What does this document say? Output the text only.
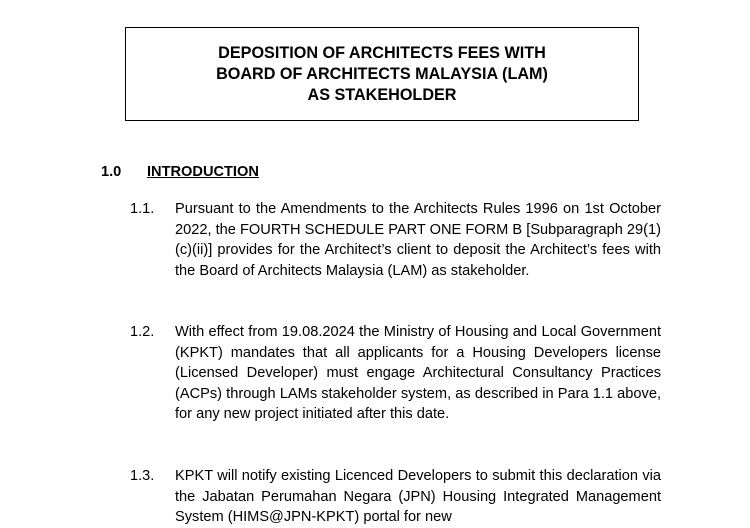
DEPOSITION OF ARCHITECTS FEES WITH
BOARD OF ARCHITECTS MALAYSIA (LAM)
AS STAKEHOLDER
1.0 INTRODUCTION
1.1. Pursuant to the Amendments to the Architects Rules 1996 on 1st October 2022, the FOURTH SCHEDULE PART ONE FORM B [Subparagraph 29(1)(c)(ii)] provides for the Architect’s client to deposit the Architect’s fees with the Board of Architects Malaysia (LAM) as stakeholder.

1.2. With effect from 19.08.2024 the Ministry of Housing and Local Government (KPKT) mandates that all applicants for a Housing Developers license (Licensed Developer) must engage Architectural Consultancy Practices (ACPs) through LAMs stakeholder system, as described in Para 1.1 above, for any new project initiated after this date.

1.3. KPKT will notify existing Licenced Developers to submit this declaration via the Jabatan Perumahan Negara (JPN) Housing Integrated Management System (HIMS@JPN-KPKT) portal for new
